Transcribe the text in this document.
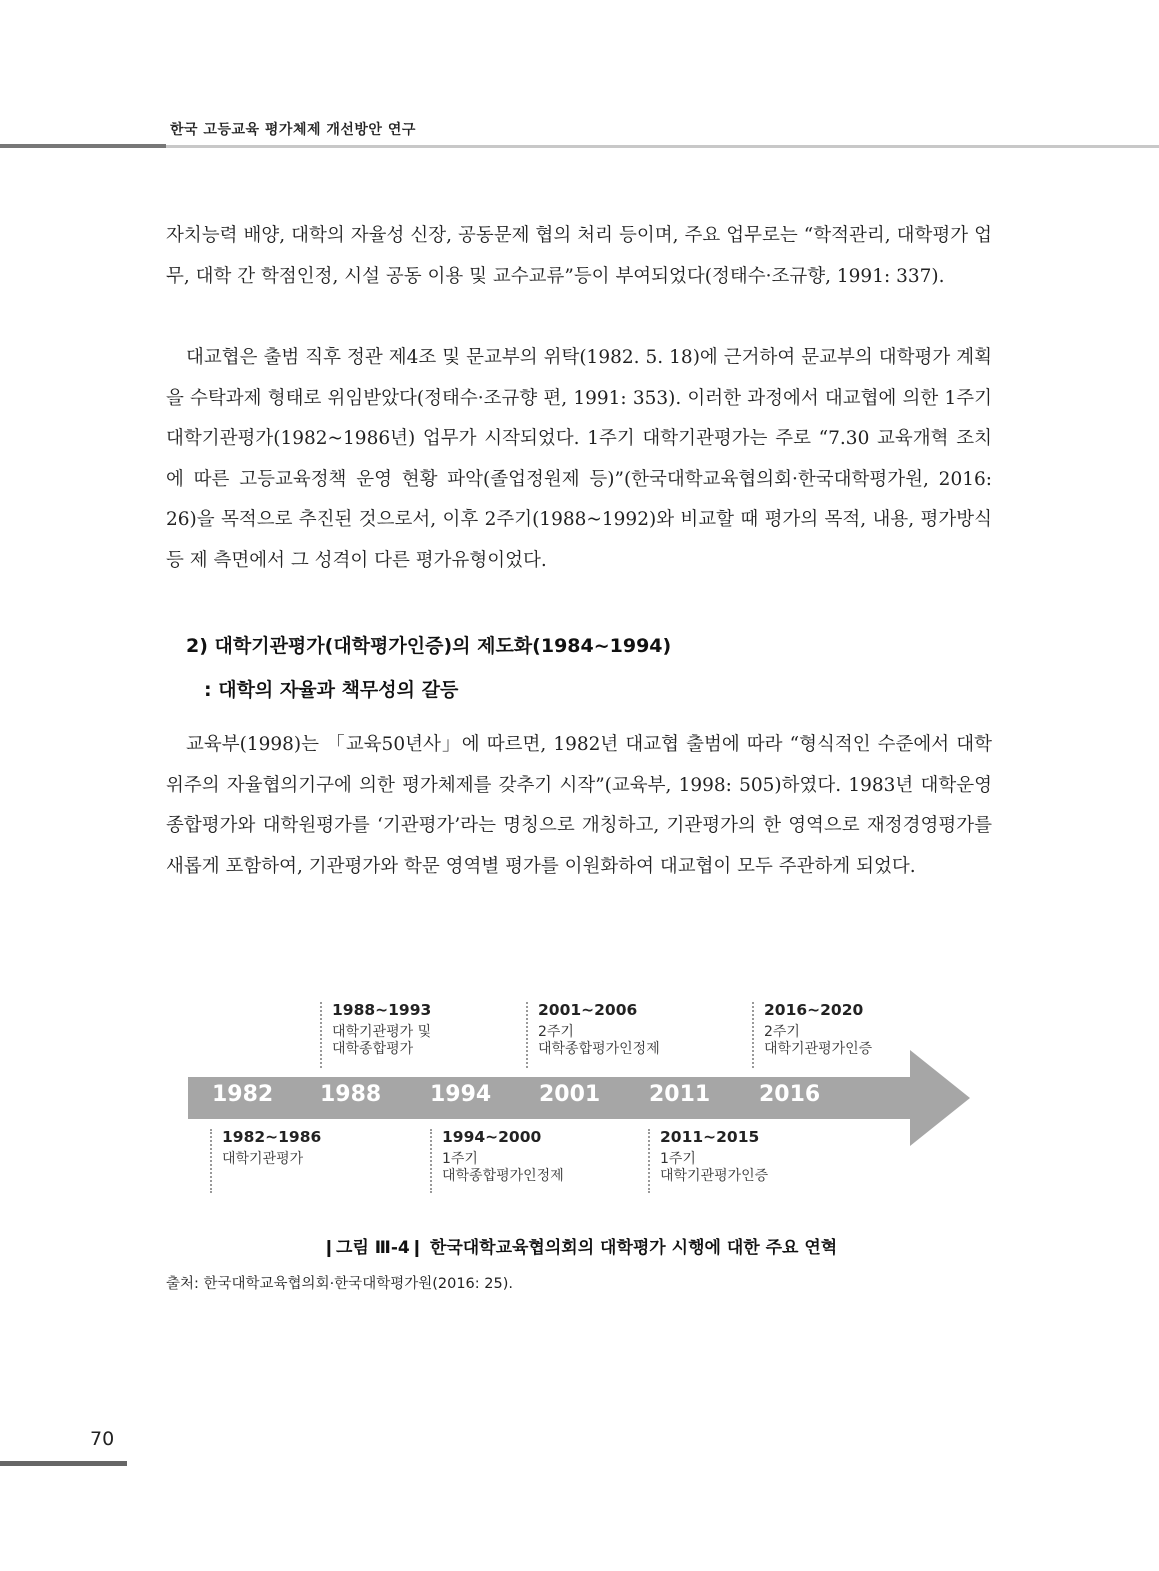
한국 고등교육 평가체제 개선방안 연구

자치능력 배양, 대학의 자율성 신장, 공동문제 협의 처리 등이며, 주요 업무로는 “학적관리, 대학평가 업무, 대학 간 학점인정, 시설 공동 이용 및 교수교류”등이 부여되었다(정태수·조규향, 1991: 337).

대교협은 출범 직후 정관 제4조 및 문교부의 위탁(1982. 5. 18)에 근거하여 문교부의 대학평가 계획을 수탁과제 형태로 위임받았다(정태수·조규향 편, 1991: 353). 이러한 과정에서 대교협에 의한 1주기 대학기관평가(1982~1986년) 업무가 시작되었다. 1주기 대학기관평가는 주로 “7.30 교육개혁 조치에 따른 고등교육정책 운영 현황 파악(졸업정원제 등)”(한국대학교육협의회·한국대학평가원, 2016: 26)을 목적으로 추진된 것으로서, 이후 2주기(1988~1992)와 비교할 때 평가의 목적, 내용, 평가방식 등 제 측면에서 그 성격이 다른 평가유형이었다.

2) 대학기관평가(대학평가인증)의 제도화(1984~1994)
: 대학의 자율과 책무성의 갈등

교육부(1998)는 「교육50년사」에 따르면, 1982년 대교협 출범에 따라 “형식적인 수준에서 대학 위주의 자율협의기구에 의한 평가체제를 갖추기 시작”(교육부, 1998: 505)하였다. 1983년 대학운영 종합평가와 대학원평가를 ‘기관평가’라는 명칭으로 개칭하고, 기관평가의 한 영역으로 재정경영평가를 새롭게 포함하여, 기관평가와 학문 영역별 평가를 이원화하여 대교협이 모두 주관하게 되었다.

1982 1988 1994 2001 2011 2016
1988~1993
대학기관평가 및
대학종합평가
2001~2006
2주기
대학종합평가인정제
2016~2020
2주기
대학기관평가인증
1982~1986
대학기관평가
1994~2000
1주기
대학종합평가인정제
2011~2015
1주기
대학기관평가인증
❙그림 Ⅲ-4❙ 한국대학교육협의회의 대학평가 시행에 대한 주요 연혁
출처: 한국대학교육협의회·한국대학평가원(2016: 25).
70
